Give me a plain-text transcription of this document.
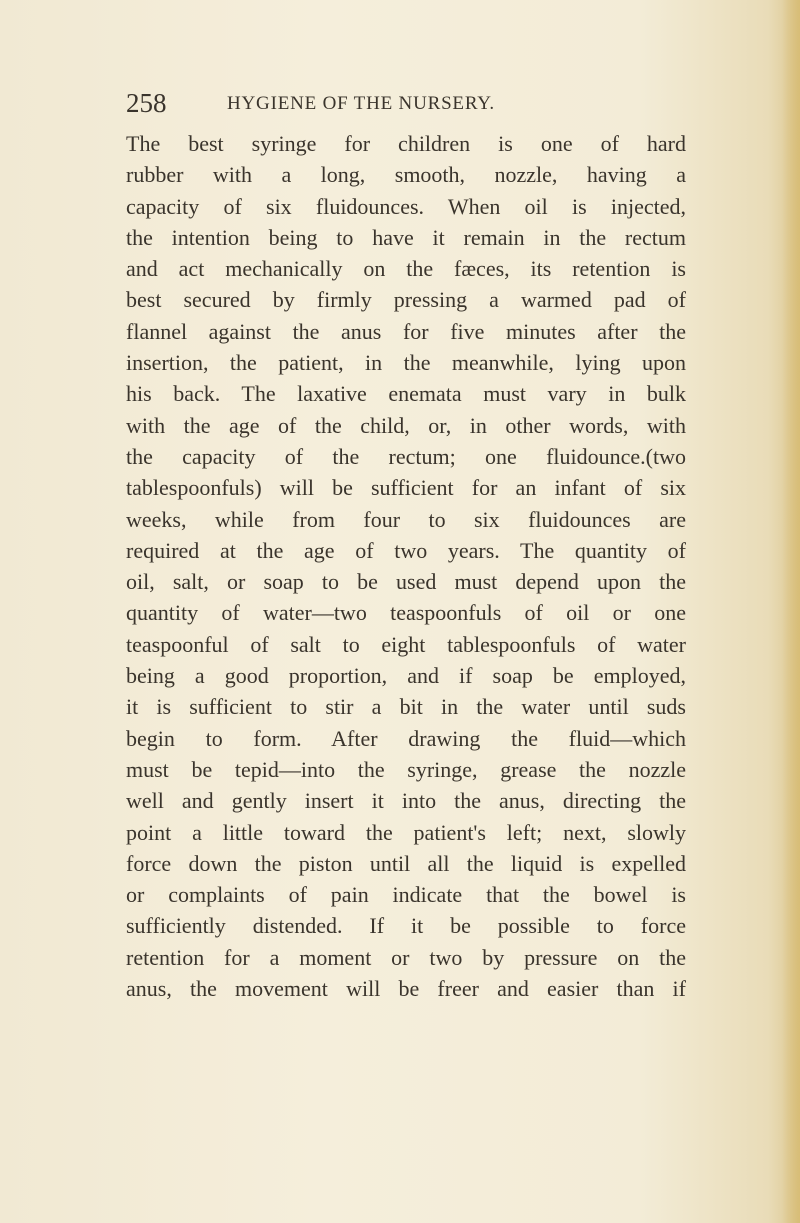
258	HYGIENE OF THE NURSERY.
The best syringe for children is one of hard
rubber with a long, smooth, nozzle, having a
capacity of six fluidounces. When oil is injected,
the intention being to have it remain in the rectum
and act mechanically on the fæces, its retention is
best secured by firmly pressing a warmed pad of
flannel against the anus for five minutes after the
insertion, the patient, in the meanwhile, lying upon
his back. The laxative enemata must vary in bulk
with the age of the child, or, in other words, with
the capacity of the rectum; one fluidounce.(two
tablespoonfuls) will be sufficient for an infant of six
weeks, while from four to six fluidounces are
required at the age of two years. The quantity of
oil, salt, or soap to be used must depend upon the
quantity of water—two teaspoonfuls of oil or one
teaspoonful of salt to eight tablespoonfuls of water
being a good proportion, and if soap be employed,
it is sufficient to stir a bit in the water until suds
begin to form. After drawing the fluid—which
must be tepid—into the syringe, grease the nozzle
well and gently insert it into the anus, directing the
point a little toward the patient's left; next, slowly
force down the piston until all the liquid is expelled
or complaints of pain indicate that the bowel is
sufficiently distended. If it be possible to force
retention for a moment or two by pressure on the
anus, the movement will be freer and easier than if
